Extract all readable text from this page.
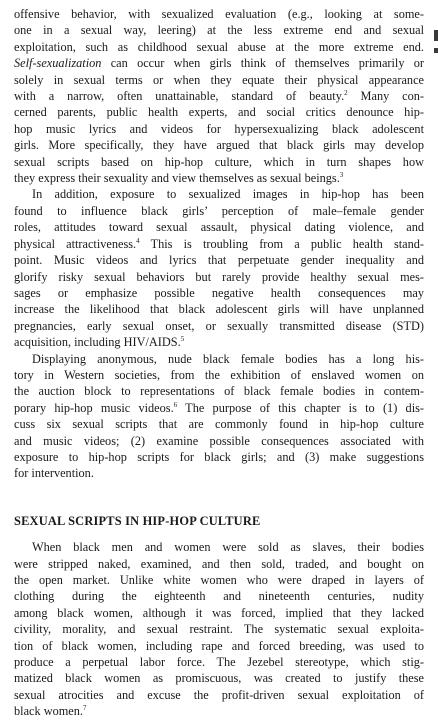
offensive behavior, with sexualized evaluation (e.g., looking at some-
one in a sexual way, leering) at the less extreme end and sexual
exploitation, such as childhood sexual abuse at the more extreme end.
Self-sexualization can occur when girls think of themselves primarily or
solely in sexual terms or when they equate their physical appearance
with a narrow, often unattainable, standard of beauty.$^2$ Many con-
cerned parents, public health experts, and social critics denounce hip-
hop music lyrics and videos for hypersexualizing black adolescent
girls. More specifically, they have argued that black girls may develop
sexual scripts based on hip-hop culture, which in turn shapes how
they express their sexuality and view themselves as sexual beings.$^3$
In addition, exposure to sexualized images in hip-hop has been
found to influence black girls’ perception of male–female gender
roles, attitudes toward sexual assault, physical dating violence, and
physical attractiveness.$^4$ This is troubling from a public health stand-
point. Music videos and lyrics that perpetuate gender inequality and
glorify risky sexual behaviors but rarely provide healthy sexual mes-
sages or emphasize possible negative health consequences may
increase the likelihood that black adolescent girls will have unplanned
pregnancies, early sexual onset, or sexually transmitted disease (STD)
acquisition, including HIV/AIDS.$^5$
Displaying anonymous, nude black female bodies has a long his-
tory in Western societies, from the exhibition of enslaved women on
the auction block to representations of black female bodies in contem-
porary hip-hop music videos.$^6$ The purpose of this chapter is to (1) dis-
cuss six sexual scripts that are commonly found in hip-hop culture
and music videos; (2) examine possible consequences associated with
exposure to hip-hop scripts for black girls; and (3) make suggestions
for intervention.
SEXUAL SCRIPTS IN HIP-HOP CULTURE
When black men and women were sold as slaves, their bodies
were stripped naked, examined, and then sold, traded, and bought on
the open market. Unlike white women who were draped in layers of
clothing during the eighteenth and nineteenth centuries, nudity
among black women, although it was forced, implied that they lacked
civility, morality, and sexual restraint. The systematic sexual exploita-
tion of black women, including rape and forced breeding, was used to
produce a perpetual labor force. The Jezebel stereotype, which stig-
matized black women as promiscuous, was created to justify these
sexual atrocities and excuse the profit-driven sexual exploitation of
black women.$^7$
